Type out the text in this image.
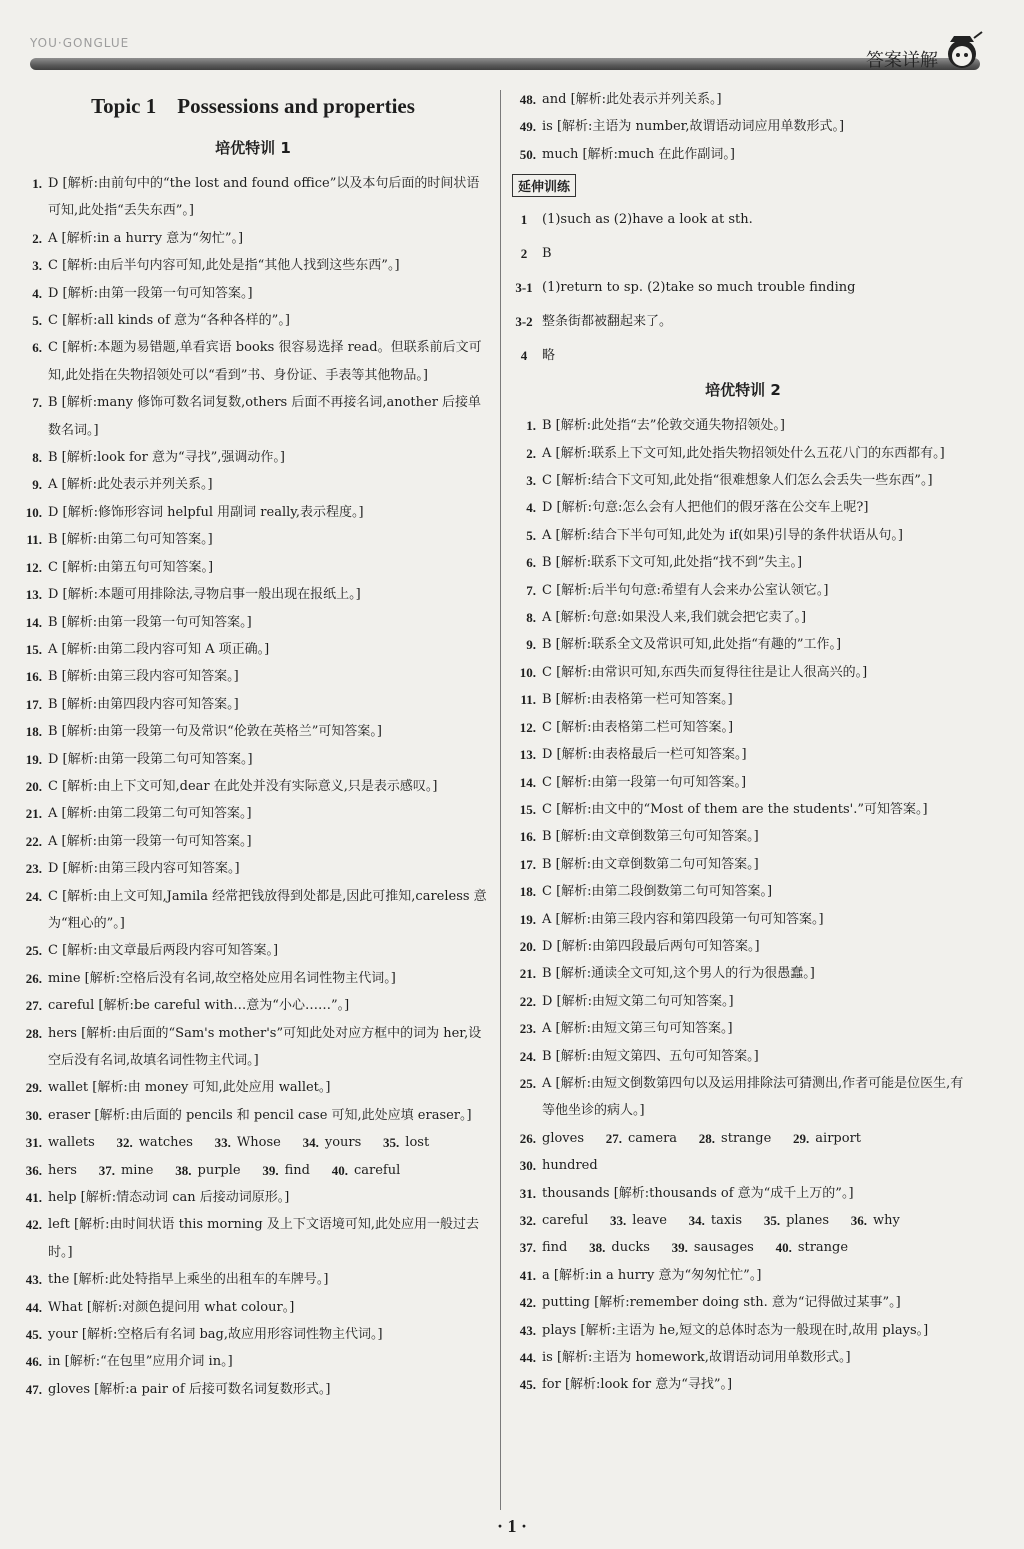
YOU·GONGLUE
答案详解
Topic 1    Possessions and properties
培优特训 1
1. D [解析:由前句中的“the lost and found office”以及本句后面的时间状语可知,此处指“丢失东西”。]
2. A [解析:in a hurry 意为“匆忙”。]
3. C [解析:由后半句内容可知,此处是指“其他人找到这些东西”。]
4. D [解析:由第一段第一句可知答案。]
5. C [解析:all kinds of 意为“各种各样的”。]
6. C [解析:本题为易错题,单看宾语 books 很容易选择 read。但联系前后文可知,此处指在失物招领处可以“看到”书、身份证、手表等其他物品。]
7. B [解析:many 修饰可数名词复数,others 后面不再接名词,another 后接单数名词。]
8. B [解析:look for 意为“寻找”,强调动作。]
9. A [解析:此处表示并列关系。]
10. D [解析:修饰形容词 helpful 用副词 really,表示程度。]
11. B [解析:由第二句可知答案。]
12. C [解析:由第五句可知答案。]
13. D [解析:本题可用排除法,寻物启事一般出现在报纸上。]
14. B [解析:由第一段第一句可知答案。]
15. A [解析:由第二段内容可知 A 项正确。]
16. B [解析:由第三段内容可知答案。]
17. B [解析:由第四段内容可知答案。]
18. B [解析:由第一段第一句及常识“伦敦在英格兰”可知答案。]
19. D [解析:由第一段第二句可知答案。]
20. C [解析:由上下文可知,dear 在此处并没有实际意义,只是表示感叹。]
21. A [解析:由第二段第二句可知答案。]
22. A [解析:由第一段第一句可知答案。]
23. D [解析:由第三段内容可知答案。]
24. C [解析:由上文可知,Jamila 经常把钱放得到处都是,因此可推知,careless 意为“粗心的”。]
25. C [解析:由文章最后两段内容可知答案。]
26. mine [解析:空格后没有名词,故空格处应用名词性物主代词。]
27. careful [解析:be careful with…意为“小心……”。]
28. hers [解析:由后面的“Sam's mother's”可知此处对应方框中的词为 her,设空后没有名词,故填名词性物主代词。]
29. wallet [解析:由 money 可知,此处应用 wallet。]
30. eraser [解析:由后面的 pencils 和 pencil case 可知,此处应填 eraser。]
31. wallets	32. watches	33. Whose	34. yours	35. lost
36. hers	37. mine	38. purple	39. find	40. careful
41. help [解析:情态动词 can 后接动词原形。]
42. left [解析:由时间状语 this morning 及上下文语境可知,此处应用一般过去时。]
43. the [解析:此处特指早上乘坐的出租车的车牌号。]
44. What [解析:对颜色提问用 what colour。]
45. your [解析:空格后有名词 bag,故应用形容词性物主代词。]
46. in [解析:“在包里”应用介词 in。]
47. gloves [解析:a pair of 后接可数名词复数形式。]
48. and [解析:此处表示并列关系。]
49. is [解析:主语为 number,故谓语动词应用单数形式。]
50. much [解析:much 在此作副词。]
延伸训练
1	(1)such as (2)have a look at sth.
2	B
3-1 (1)return to sp. (2)take so much trouble finding
3-2 整条街都被翻起来了。
4	略
培优特训 2
1. B [解析:此处指“去”伦敦交通失物招领处。]
2. A [解析:联系上下文可知,此处指失物招领处什么五花八门的东西都有。]
3. C [解析:结合下文可知,此处指“很难想象人们怎么会丢失一些东西”。]
4. D [解析:句意:怎么会有人把他们的假牙落在公交车上呢?]
5. A [解析:结合下半句可知,此处为 if(如果)引导的条件状语从句。]
6. B [解析:联系下文可知,此处指“找不到”失主。]
7. C [解析:后半句句意:希望有人会来办公室认领它。]
8. A [解析:句意:如果没人来,我们就会把它卖了。]
9. B [解析:联系全文及常识可知,此处指“有趣的”工作。]
10. C [解析:由常识可知,东西失而复得往往是让人很高兴的。]
11. B [解析:由表格第一栏可知答案。]
12. C [解析:由表格第二栏可知答案。]
13. D [解析:由表格最后一栏可知答案。]
14. C [解析:由第一段第一句可知答案。]
15. C [解析:由文中的“Most of them are the students'.”可知答案。]
16. B [解析:由文章倒数第三句可知答案。]
17. B [解析:由文章倒数第二句可知答案。]
18. C [解析:由第二段倒数第二句可知答案。]
19. A [解析:由第三段内容和第四段第一句可知答案。]
20. D [解析:由第四段最后两句可知答案。]
21. B [解析:通读全文可知,这个男人的行为很愚蠢。]
22. D [解析:由短文第二句可知答案。]
23. A [解析:由短文第三句可知答案。]
24. B [解析:由短文第四、五句可知答案。]
25. A [解析:由短文倒数第四句以及运用排除法可猜测出,作者可能是位医生,有等他坐诊的病人。]
26. gloves	27. camera	28. strange	29. airport
30. hundred
31. thousands [解析:thousands of 意为“成千上万的”。]
32. careful	33. leave	34. taxis	35. planes	36. why
37. find	38. ducks	39. sausages	40. strange
41. a [解析:in a hurry 意为“匆匆忙忙”。]
42. putting [解析:remember doing sth. 意为“记得做过某事”。]
43. plays [解析:主语为 he,短文的总体时态为一般现在时,故用 plays。]
44. is [解析:主语为 homework,故谓语动词用单数形式。]
45. for [解析:look for 意为“寻找”。]
· 1 ·
